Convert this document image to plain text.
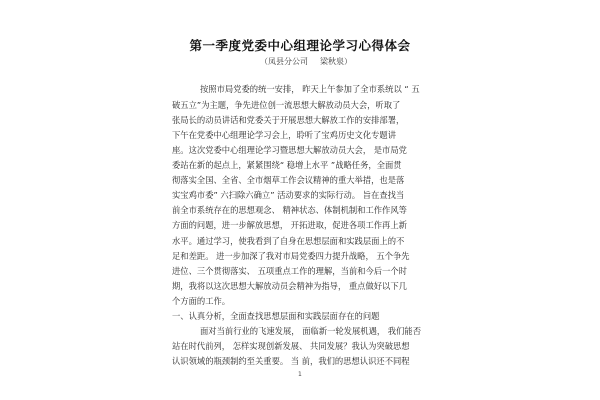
第一季度党委中心组理论学习心得体会
（凤县分公司 梁秋泉）
按照市局党委的统一安排， 昨天上午参加了全市系统以 “ 五
破五立”为主题，争先进位创一流思想大解放动员大会，听取了
张局长的动员讲话和党委关于开展思想大解放工作的安排部署，
下午在党委中心组理论学习会上，聆听了宝鸡历史文化专题讲
座。这次党委中心组理论学习暨思想大解放动员大会， 是市局党
委站在新的起点上，紧紧围绕“ 稳增上水平 ”战略任务，全面贯
彻落实全国、全省、全市烟草工作会议精神的重大举措，也是落
实宝鸡市委” 六扫除六确立” 活动要求的实际行动。 旨在查找当
前全市系统存在的思想观念、 精神状态、体制机制和工作作风等
方面的问题，进一步解放思想， 开拓进取，促进各项工作再上新
水平。通过学习，使我看到了自身在思想层面和实践层面上的不
足和差距。 进一步加深了我对市局党委四力提升战略， 五个争先
进位、三个贯彻落实、 五项重点工作的理解，当前和今后一个时
期，我将以这次思想大解放动员会精神为指导， 重点做好以下几
个方面的工作。
一、认真分析，全面查找思想层面和实践层面存在的问题
面对当前行业的飞速发展， 面临新一轮发展机遇， 我们能否
站在时代前列， 怎样实现创新发展、 共同发展？我认为突破思想
认识领域的瓶颈制约至关重要。 当 前，我们的思想认识还不同程
1
